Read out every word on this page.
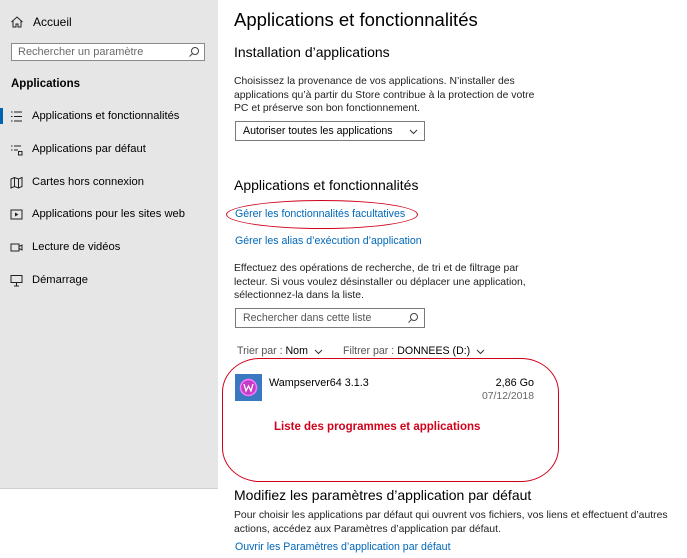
Accueil
Rechercher un paramètre
Applications
Applications et fonctionnalités
Applications par défaut
Cartes hors connexion
Applications pour les sites web
Lecture de vidéos
Démarrage
Applications et fonctionnalités
Installation d’applications
Choisissez la provenance de vos applications. N’installer des applications qu’à partir du Store contribue à la protection de votre PC et préserve son bon fonctionnement.
Autoriser toutes les applications
Applications et fonctionnalités
Gérer les fonctionnalités facultatives
Gérer les alias d’exécution d’application
Effectuez des opérations de recherche, de tri et de filtrage par lecteur. Si vous voulez désinstaller ou déplacer une application, sélectionnez-la dans la liste.
Rechercher dans cette liste
Trier par : Nom	Filtrer par : DONNEES (D:)
Wampserver64 3.1.3	2,86 Go
07/12/2018
Liste des programmes et applications
Modifiez les paramètres d’application par défaut
Pour choisir les applications par défaut qui ouvrent vos fichiers, vos liens et effectuent d’autres actions, accédez aux Paramètres d’application par défaut.
Ouvrir les Paramètres d’application par défaut
